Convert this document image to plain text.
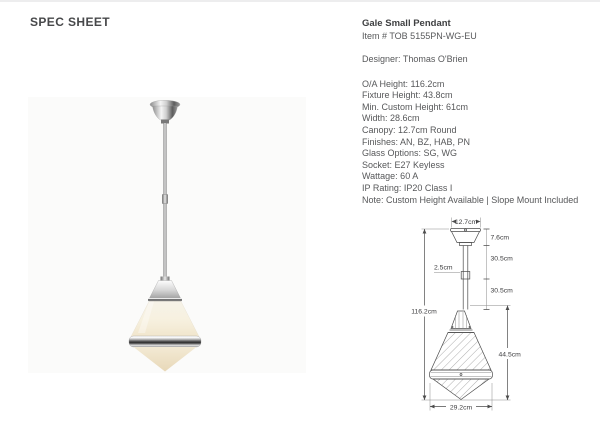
SPEC SHEET	Gale Small Pendant
Item # TOB 5155PN-WG-EU
Designer: Thomas O'Brien
O/A Height: 116.2cm
Fixture Height: 43.8cm
Min. Custom Height: 61cm
Width: 28.6cm
Canopy: 12.7cm Round
Finishes: AN, BZ, HAB, PN
Glass Options: SG, WG
Socket: E27 Keyless
Wattage: 60 A
IP Rating: IP20 Class I
Note: Custom Height Available | Slope Mount Included
12.7cm
7.6cm
30.5cm
30.5cm
2.5cm
116.2cm
44.5cm
29.2cm
